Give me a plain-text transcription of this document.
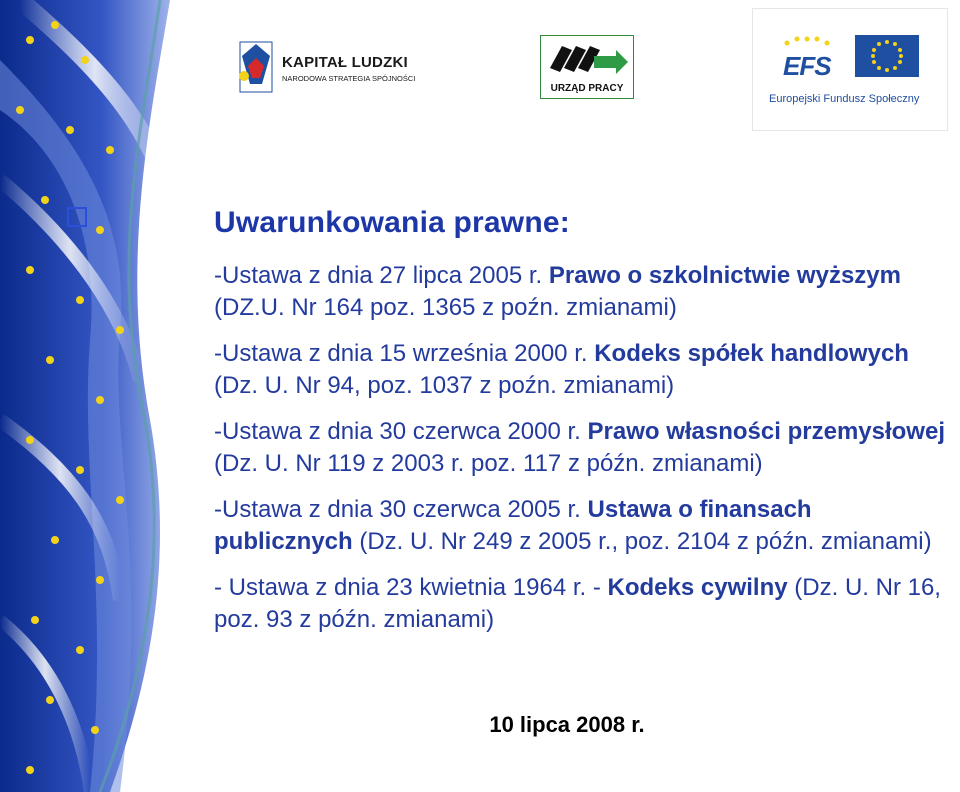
KAPITAŁ LUDZKI
NARODOWA STRATEGIA SPÓJNOŚCI
URZĄD PRACY
EFS
Europejski Fundusz Społeczny
Uwarunkowania prawne:
-Ustawa z dnia 27 lipca 2005 r. Prawo o szkolnictwie wyższym (DZ.U. Nr 164 poz. 1365 z poźn. zmianami)
-Ustawa z dnia 15 września 2000 r. Kodeks spółek handlowych (Dz. U. Nr 94, poz. 1037 z poźn. zmianami)
-Ustawa z dnia 30 czerwca 2000 r. Prawo własności przemysłowej (Dz. U. Nr 119 z 2003 r. poz. 117 z późn. zmianami)
-Ustawa z dnia 30 czerwca 2005 r. Ustawa o finansach publicznych (Dz. U. Nr 249 z 2005 r., poz. 2104 z późn. zmianami)
- Ustawa z dnia 23 kwietnia 1964 r. - Kodeks cywilny (Dz. U. Nr 16, poz. 93 z późn. zmianami)
10 lipca 2008 r.
